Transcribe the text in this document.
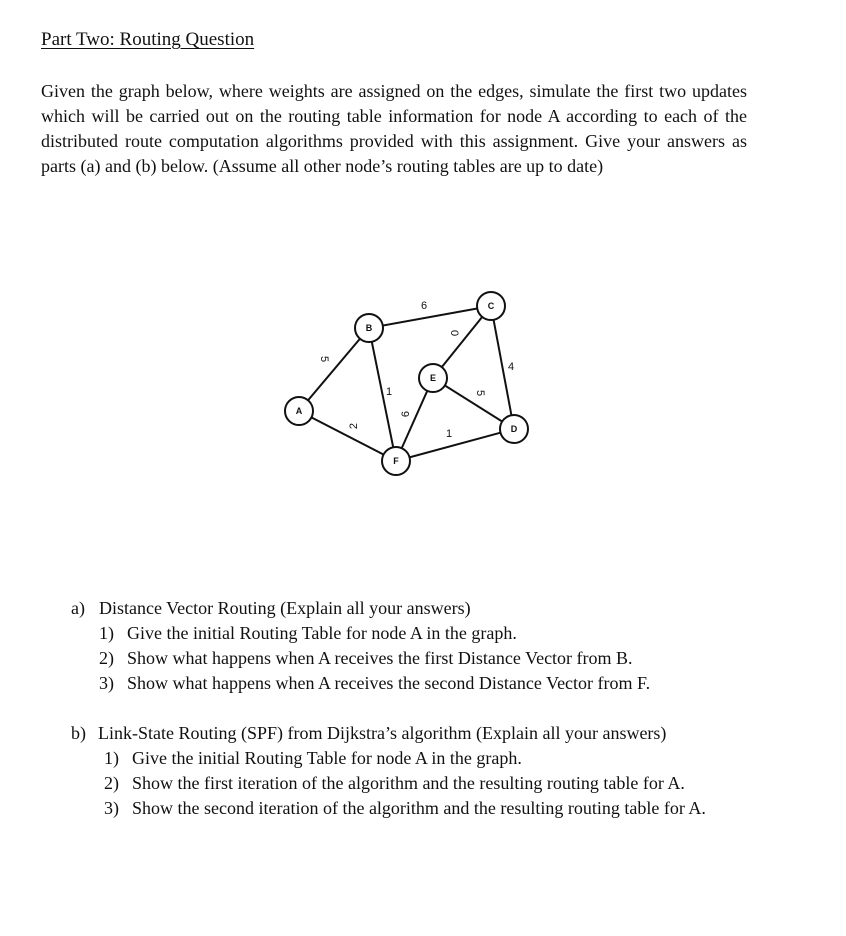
Part Two: Routing Question

Given the graph below, where weights are assigned on the edges, simulate the first two updates which will be carried out on the routing table information for node A according to each of the distributed route computation algorithms provided with this assignment. Give your answers as parts (a) and (b) below. (Assume all other node’s routing tables are up to date)

5
2
6
1
0
4
5
6
1
A
B
C
D
E
F
a) Distance Vector Routing (Explain all your answers)
1) Give the initial Routing Table for node A in the graph.
2) Show what happens when A receives the first Distance Vector from B.
3) Show what happens when A receives the second Distance Vector from F.
b) Link-State Routing (SPF) from Dijkstra’s algorithm (Explain all your answers)
1) Give the initial Routing Table for node A in the graph.
2) Show the first iteration of the algorithm and the resulting routing table for A.
3) Show the second iteration of the algorithm and the resulting routing table for A.
